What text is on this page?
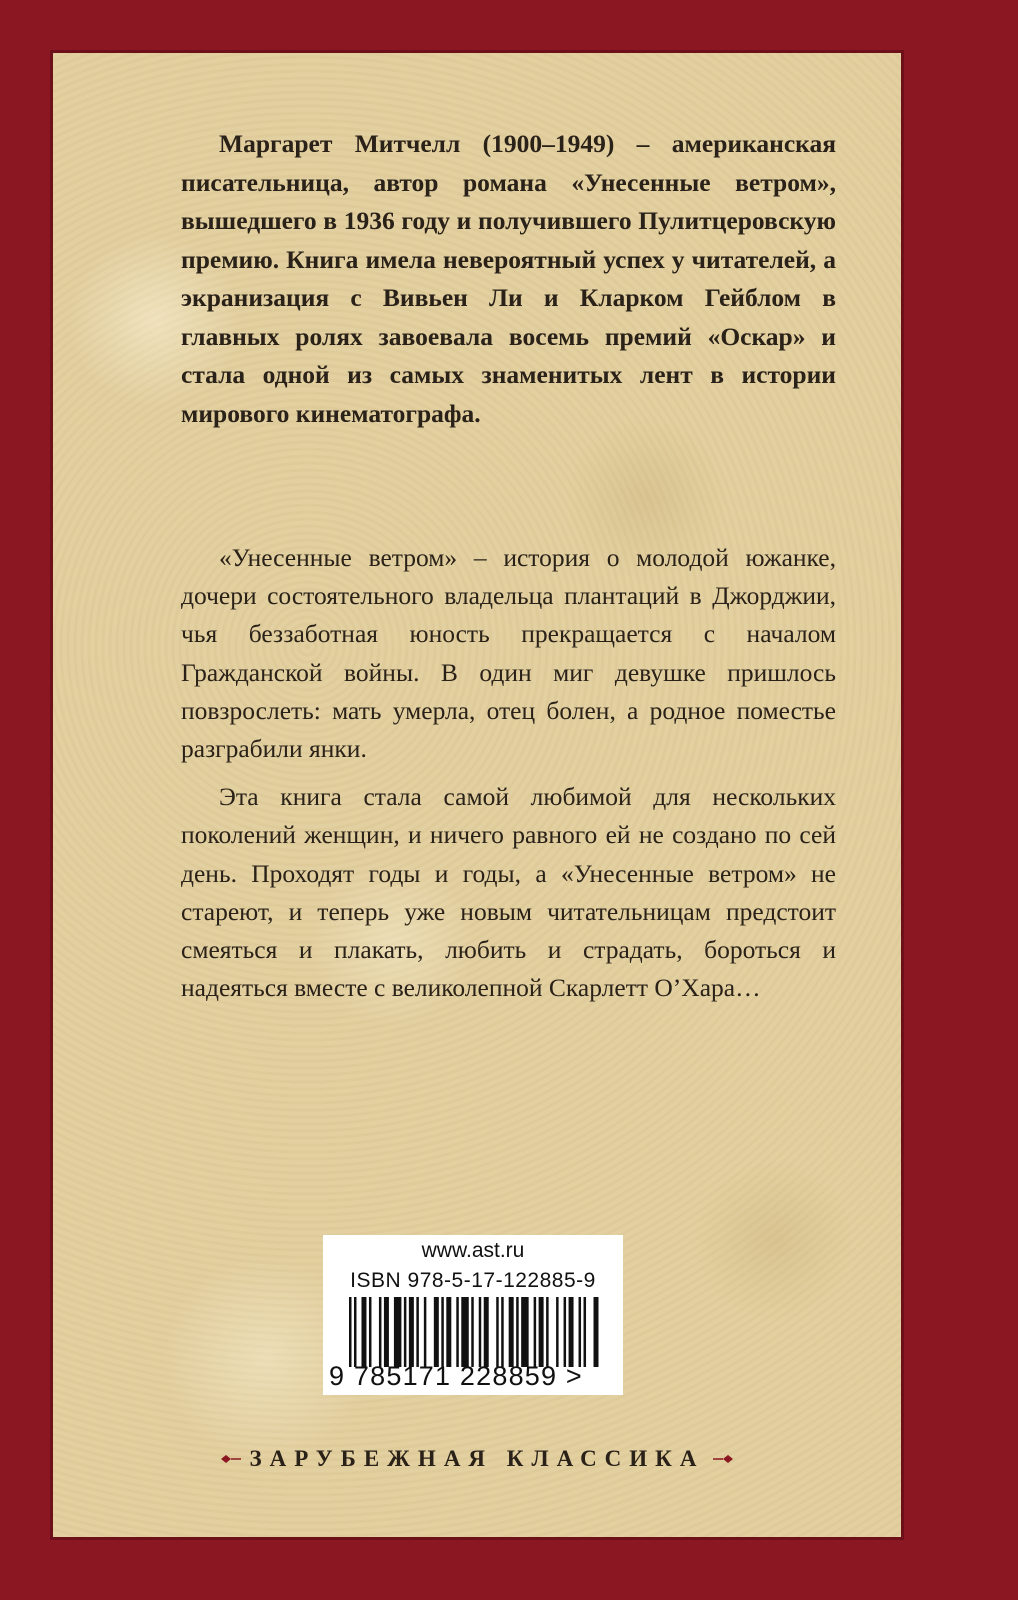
Маргарет Митчелл (1900–1949) – американская писательница, автор романа «Унесенные ветром», вышедшего в 1936 году и получившего Пулитцеровскую премию. Книга имела невероятный успех у читателей, а экранизация с Вивьен Ли и Кларком Гейблом в главных ролях завоевала восемь премий «Оскар» и стала одной из самых знаменитых лент в истории мирового кинематографа.

«Унесенные ветром» – история о молодой южанке, дочери состоятельного владельца плантаций в Джорджии, чья беззаботная юность прекращается с началом Гражданской войны. В один миг девушке пришлось повзрослеть: мать умерла, отец болен, а родное поместье разграбили янки.

Эта книга стала самой любимой для нескольких поколений женщин, и ничего равного ей не создано по сей день. Проходят годы и годы, а «Унесенные ветром» не стареют, и теперь уже новым читательницам предстоит смеяться и плакать, любить и страдать, бороться и надеяться вместе с великолепной Скарлетт О’Хара…

www.ast.ru
ISBN 978-5-17-122885-9
9 785171 228859 >
ЗАРУБЕЖНАЯ КЛАССИКА
